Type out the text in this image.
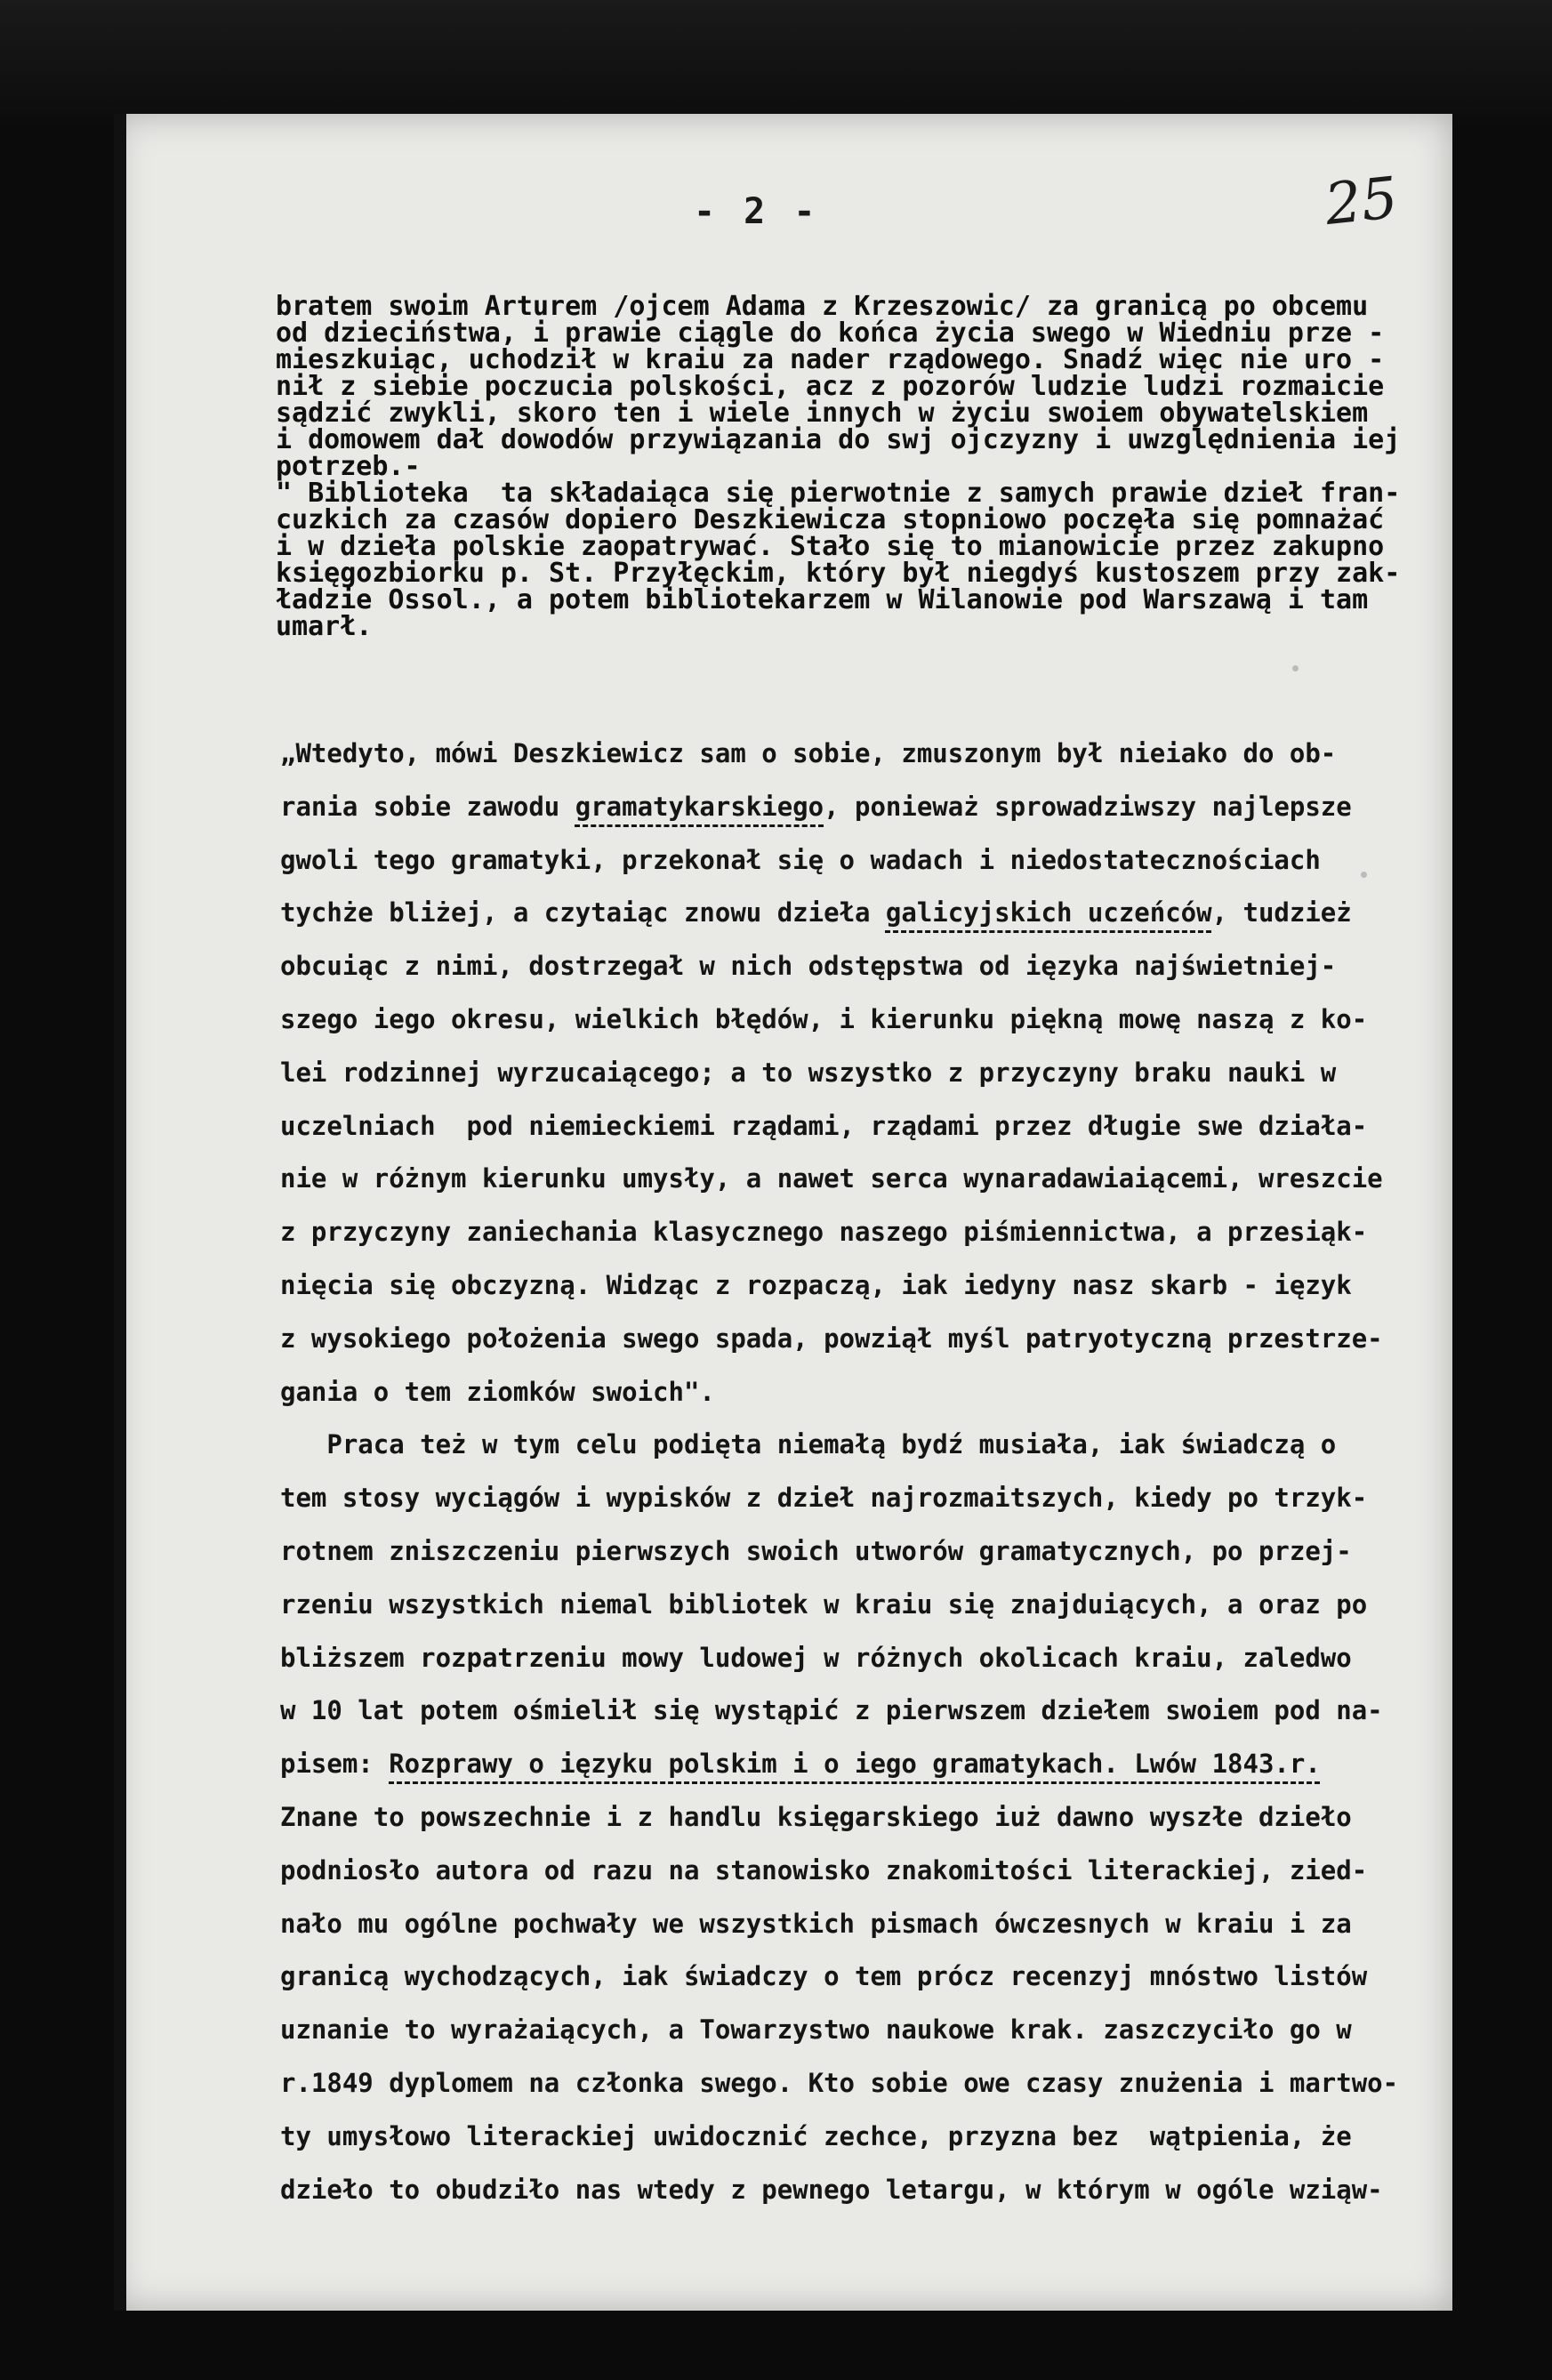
- 2 -	25
bratem swoim Arturem /ojcem Adama z Krzeszowic/ za granicą po obcemu
od dzieciństwa, i prawie ciągle do końca życia swego w Wiedniu prze -
mieszkuiąc, uchodził w kraiu za nader rządowego. Snadź więc nie uro -
nił z siebie poczucia polskości, acz z pozorów ludzie ludzi rozmaicie
sądzić zwykli, skoro ten i wiele innych w życiu swoiem obywatelskiem
i domowem dał dowodów przywiązania do swj ojczyzny i uwzględnienia iej
potrzeb.-
" Biblioteka  ta składaiąca się pierwotnie z samych prawie dzieł fran-
cuzkich za czasów dopiero Deszkiewicza stopniowo poczęła się pomnażać
i w dzieła polskie zaopatrywać. Stało się to mianowicie przez zakupno
księgozbiorku p. St. Przyłęckim, który był niegdyś kustoszem przy zak-
ładzie Ossol., a potem bibliotekarzem w Wilanowie pod Warszawą i tam
umarł.
„Wtedyto, mówi Deszkiewicz sam o sobie, zmuszonym był nieiako do ob-
rania sobie zawodu gramatykarskiego, ponieważ sprowadziwszy najlepsze
gwoli tego gramatyki, przekonał się o wadach i niedostatecznościach
tychże bliżej, a czytaiąc znowu dzieła galicyjskich uczeńców, tudzież
obcuiąc z nimi, dostrzegał w nich odstępstwa od ięzyka najświetniej-
szego iego okresu, wielkich błędów, i kierunku piękną mowę naszą z ko-
lei rodzinnej wyrzucaiącego; a to wszystko z przyczyny braku nauki w
uczelniach  pod niemieckiemi rządami, rządami przez długie swe działa-
nie w różnym kierunku umysły, a nawet serca wynaradawiaiącemi, wreszcie
z przyczyny zaniechania klasycznego naszego piśmiennictwa, a przesiąk-
nięcia się obczyzną. Widząc z rozpaczą, iak iedyny nasz skarb - ięzyk
z wysokiego położenia swego spada, powziął myśl patryotyczną przestrze-
gania o tem ziomków swoich".
Praca też w tym celu podięta niemałą bydź musiała, iak świadczą o
tem stosy wyciągów i wypisków z dzieł najrozmaitszych, kiedy po trzyk-
rotnem zniszczeniu pierwszych swoich utworów gramatycznych, po przej-
rzeniu wszystkich niemal bibliotek w kraiu się znajduiących, a oraz po
bliższem rozpatrzeniu mowy ludowej w różnych okolicach kraiu, zaledwo
w 10 lat potem ośmielił się wystąpić z pierwszem dziełem swoiem pod na-
pisem: Rozprawy o ięzyku polskim i o iego gramatykach. Lwów 1843.r.
Znane to powszechnie i z handlu księgarskiego iuż dawno wyszłe dzieło
podniosło autora od razu na stanowisko znakomitości literackiej, zied-
nało mu ogólne pochwały we wszystkich pismach ówczesnych w kraiu i za
granicą wychodzących, iak świadczy o tem prócz recenzyj mnóstwo listów
uznanie to wyrażaiących, a Towarzystwo naukowe krak. zaszczyciło go w
r.1849 dyplomem na członka swego. Kto sobie owe czasy znużenia i martwo-
ty umysłowo literackiej uwidocznić zechce, przyzna bez  wątpienia, że
dzieło to obudziło nas wtedy z pewnego letargu, w którym w ogóle wziąw-
